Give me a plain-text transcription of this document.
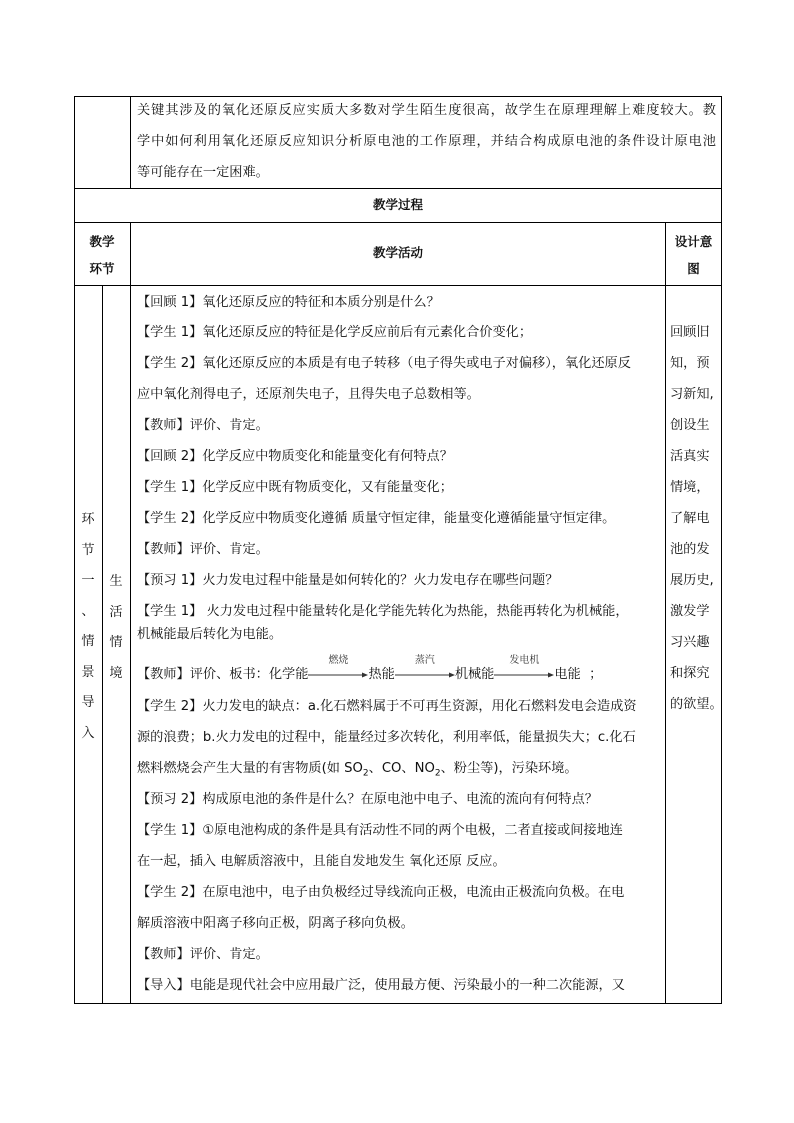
关键其涉及的氧化还原反应实质大多数对学生陌生度很高，故学生在原理理解上难度较大。教
学中如何利用氧化还原反应知识分析原电池的工作原理，并结合构成原电池的条件设计原电池
等可能存在一定困难。
教学过程
教学
环节
教学活动
设计意
图
环
节
一
、
情
景
导
入
生
活
情
境
【回顾 1】氧化还原反应的特征和本质分别是什么？
【学生 1】氧化还原反应的特征是化学反应前后有元素化合价变化；
【学生 2】氧化还原反应的本质是有电子转移（电子得失或电子对偏移），氧化还原反
应中氧化剂得电子，还原剂失电子，且得失电子总数相等。
【教师】评价、肯定。
【回顾 2】化学反应中物质变化和能量变化有何特点？
【学生 1】化学反应中既有物质变化，又有能量变化；
【学生 2】化学反应中物质变化遵循 质量守恒定律，能量变化遵循能量守恒定律。
【教师】评价、肯定。
【预习 1】火力发电过程中能量是如何转化的？火力发电存在哪些问题？
【学生 1】 火力发电过程中能量转化是化学能先转化为热能，热能再转化为机械能，
机械能最后转化为电能。
【教师】评价、板书：化学能
燃烧
热能
蒸汽
机械能
发电机
电能 ；
【学生 2】火力发电的缺点：a.化石燃料属于不可再生资源，用化石燃料发电会造成资
源的浪费；b.火力发电的过程中，能量经过多次转化，利用率低，能量损失大；c.化石
燃料燃烧会产生大量的有害物质(如 $SO_2$、CO、$NO_2$、粉尘等)，污染环境。
【预习 2】构成原电池的条件是什么？在原电池中电子、电流的流向有何特点？
【学生 1】①原电池构成的条件是具有活动性不同的两个电极，二者直接或间接地连
在一起，插入 电解质溶液中，且能自发地发生 氧化还原 反应。
【学生 2】在原电池中，电子由负极经过导线流向正极，电流由正极流向负极。在电
解质溶液中阳离子移向正极，阴离子移向负极。
【教师】评价、肯定。
【导入】电能是现代社会中应用最广泛，使用最方便、污染最小的一种二次能源，又
回顾旧
知，预
习新知,
创设生
活真实
情境，
了解电
池的发
展历史,
激发学
习兴趣
和探究
的欲望。
